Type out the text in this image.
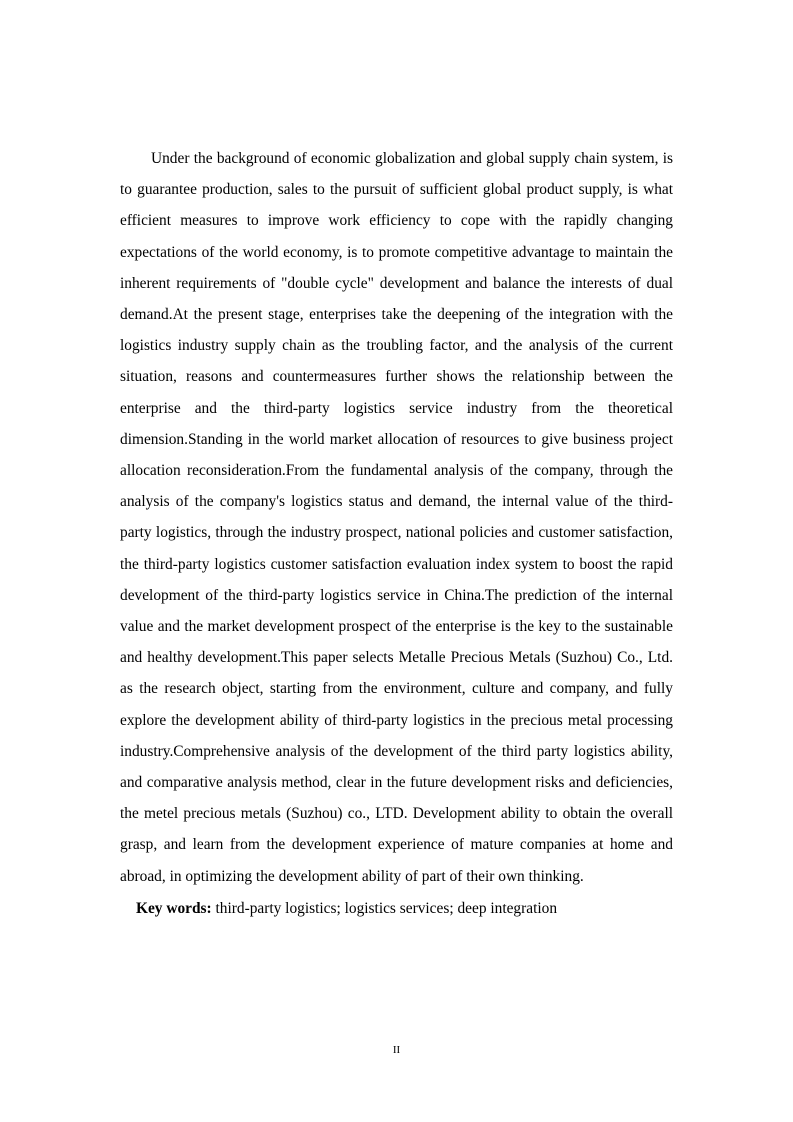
Under the background of economic globalization and global supply chain system, is to guarantee production, sales to the pursuit of sufficient global product supply, is what efficient measures to improve work efficiency to cope with the rapidly changing expectations of the world economy, is to promote competitive advantage to maintain the inherent requirements of "double cycle" development and balance the interests of dual demand.At the present stage, enterprises take the deepening of the integration with the logistics industry supply chain as the troubling factor, and the analysis of the current situation, reasons and countermeasures further shows the relationship between the enterprise and the third-party logistics service industry from the theoretical dimension.Standing in the world market allocation of resources to give business project allocation reconsideration.From the fundamental analysis of the company, through the analysis of the company's logistics status and demand, the internal value of the third-party logistics, through the industry prospect, national policies and customer satisfaction, the third-party logistics customer satisfaction evaluation index system to boost the rapid development of the third-party logistics service in China.The prediction of the internal value and the market development prospect of the enterprise is the key to the sustainable and healthy development.This paper selects Metalle Precious Metals (Suzhou) Co., Ltd. as the research object, starting from the environment, culture and company, and fully explore the development ability of third-party logistics in the precious metal processing industry.Comprehensive analysis of the development of the third party logistics ability, and comparative analysis method, clear in the future development risks and deficiencies, the metel precious metals (Suzhou) co., LTD. Development ability to obtain the overall grasp, and learn from the development experience of mature companies at home and abroad, in optimizing the development ability of part of their own thinking.

Key words: third-party logistics; logistics services; deep integration

II
